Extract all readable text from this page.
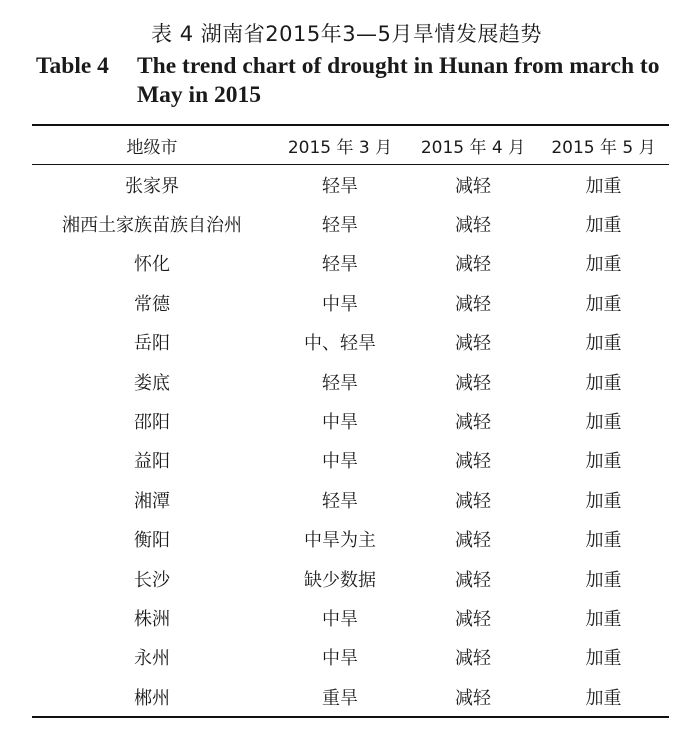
表 4 湖南省2015年3—5月旱情发展趋势
Table 4	The trend chart of drought in Hunan from march to May in 2015
地级市	2015 年 3 月	2015 年 4 月	2015 年 5 月
张家界	轻旱	减轻	加重
湘西土家族苗族自治州	轻旱	减轻	加重
怀化	轻旱	减轻	加重
常德	中旱	减轻	加重
岳阳	中、轻旱	减轻	加重
娄底	轻旱	减轻	加重
邵阳	中旱	减轻	加重
益阳	中旱	减轻	加重
湘潭	轻旱	减轻	加重
衡阳	中旱为主	减轻	加重
长沙	缺少数据	减轻	加重
株洲	中旱	减轻	加重
永州	中旱	减轻	加重
郴州	重旱	减轻	加重
